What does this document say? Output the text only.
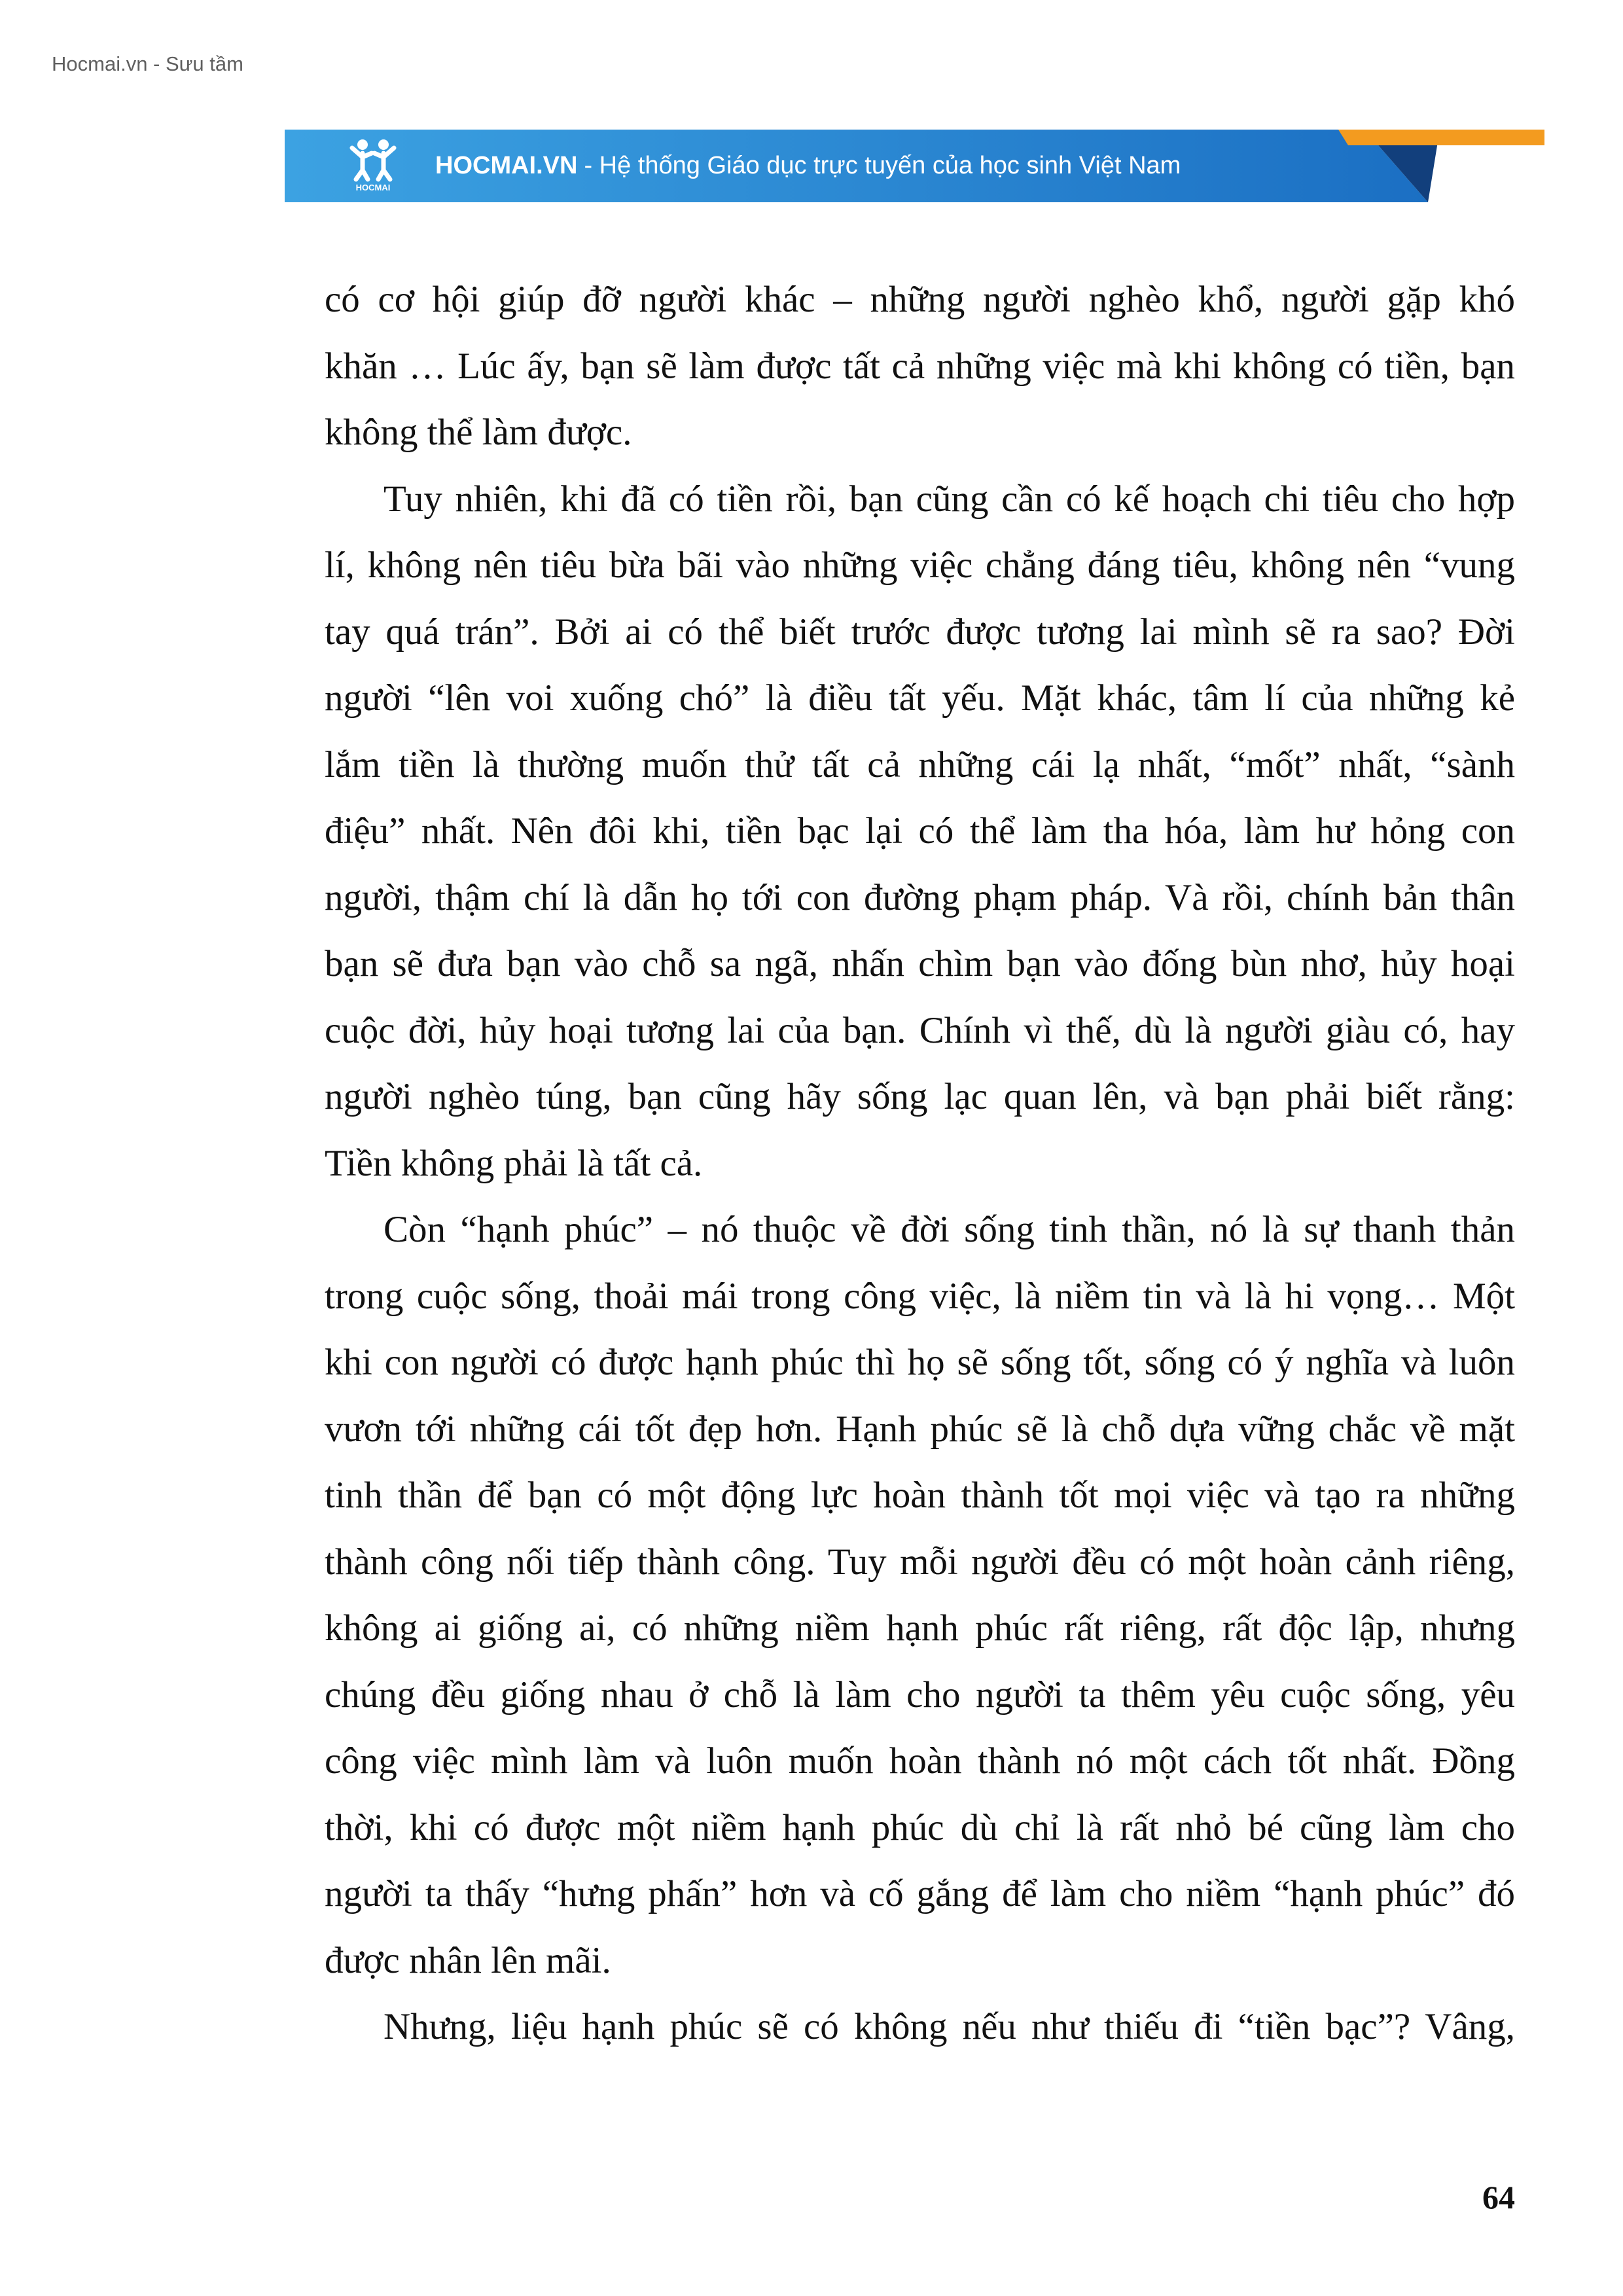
Hocmai.vn - Sưu tầm
HOCMAI
HOCMAI.VN - Hệ thống Giáo dục trực tuyến của học sinh Việt Nam
có cơ hội giúp đỡ người khác – những người nghèo khổ, người gặp khó
khăn … Lúc ấy, bạn sẽ làm được tất cả những việc mà khi không có tiền, bạn
không thể làm được.
Tuy nhiên, khi đã có tiền rồi, bạn cũng cần có kế hoạch chi tiêu cho hợp
lí, không nên tiêu bừa bãi vào những việc chẳng đáng tiêu, không nên “vung
tay quá trán”. Bởi ai có thể biết trước được tương lai mình sẽ ra sao? Đời
người “lên voi xuống chó” là điều tất yếu. Mặt khác, tâm lí của những kẻ
lắm tiền là thường muốn thử tất cả những cái lạ nhất, “mốt” nhất, “sành
điệu” nhất. Nên đôi khi, tiền bạc lại có thể làm tha hóa, làm hư hỏng con
người, thậm chí là dẫn họ tới con đường phạm pháp. Và rồi, chính bản thân
bạn sẽ đưa bạn vào chỗ sa ngã, nhấn chìm bạn vào đống bùn nhơ, hủy hoại
cuộc đời, hủy hoại tương lai của bạn. Chính vì thế, dù là người giàu có, hay
người nghèo túng, bạn cũng hãy sống lạc quan lên, và bạn phải biết rằng:
Tiền không phải là tất cả.
Còn “hạnh phúc” – nó thuộc về đời sống tinh thần, nó là sự thanh thản
trong cuộc sống, thoải mái trong công việc, là niềm tin và là hi vọng… Một
khi con người có được hạnh phúc thì họ sẽ sống tốt, sống có ý nghĩa và luôn
vươn tới những cái tốt đẹp hơn. Hạnh phúc sẽ là chỗ dựa vững chắc về mặt
tinh thần để bạn có một động lực hoàn thành tốt mọi việc và tạo ra những
thành công nối tiếp thành công. Tuy mỗi người đều có một hoàn cảnh riêng,
không ai giống ai, có những niềm hạnh phúc rất riêng, rất độc lập, nhưng
chúng đều giống nhau ở chỗ là làm cho người ta thêm yêu cuộc sống, yêu
công việc mình làm và luôn muốn hoàn thành nó một cách tốt nhất. Đồng
thời, khi có được một niềm hạnh phúc dù chỉ là rất nhỏ bé cũng làm cho
người ta thấy “hưng phấn” hơn và cố gắng để làm cho niềm “hạnh phúc” đó
được nhân lên mãi.
Nhưng, liệu hạnh phúc sẽ có không nếu như thiếu đi “tiền bạc”? Vâng,
64
